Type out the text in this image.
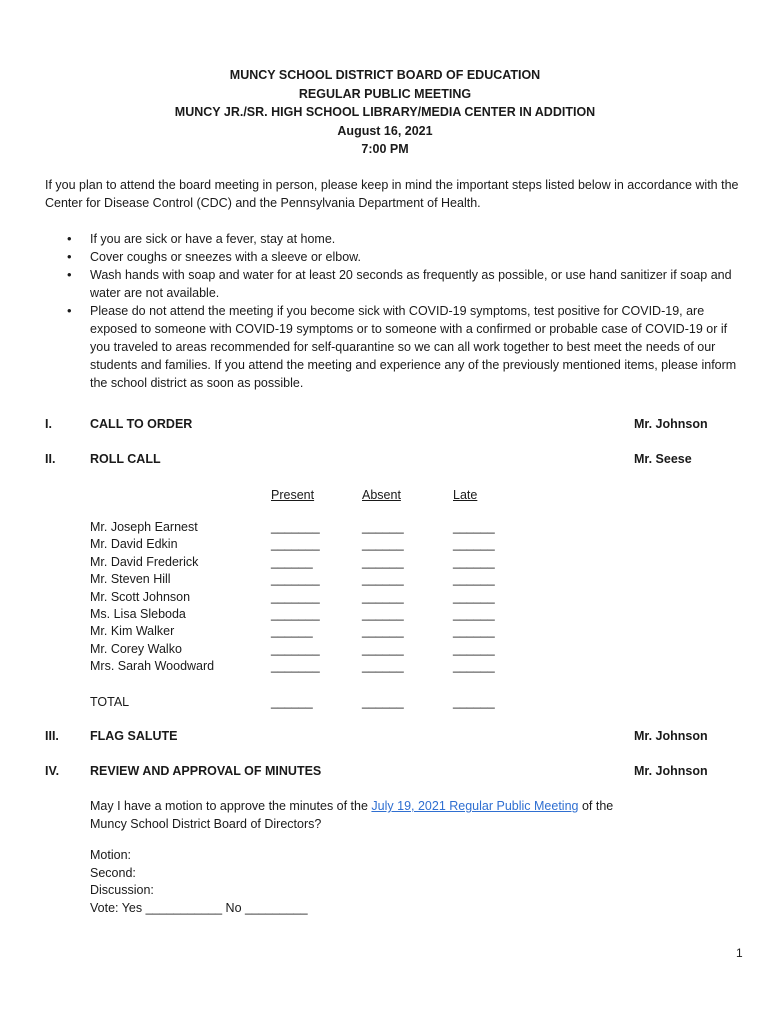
MUNCY SCHOOL DISTRICT BOARD OF EDUCATION
REGULAR PUBLIC MEETING
MUNCY JR./SR. HIGH SCHOOL LIBRARY/MEDIA CENTER IN ADDITION
August 16, 2021
7:00 PM
If you plan to attend the board meeting in person, please keep in mind the important steps listed below in accordance with the Center for Disease Control (CDC) and the Pennsylvania Department of Health.
• If you are sick or have a fever, stay at home.
• Cover coughs or sneezes with a sleeve or elbow.
• Wash hands with soap and water for at least 20 seconds as frequently as possible, or use hand sanitizer if soap and water are not available.
• Please do not attend the meeting if you become sick with COVID-19 symptoms, test positive for COVID-19, are exposed to someone with COVID-19 symptoms or to someone with a confirmed or probable case of COVID-19 or if you traveled to areas recommended for self-quarantine so we can all work together to best meet the needs of our students and families. If you attend the meeting and experience any of the previously mentioned items, please inform the school district as soon as possible.
I.	CALL TO ORDER	Mr. Johnson
II.	ROLL CALL	Mr. Seese
Present	Absent	Late
Mr. Joseph Earnest	_______	______	______
Mr. David Edkin	_______	______	______
Mr. David Frederick	______	______	______
Mr. Steven Hill	_______	______	______
Mr. Scott Johnson	_______	______	______
Ms. Lisa Sleboda	_______	______	______
Mr. Kim Walker	______	______	______
Mr. Corey Walko	_______	______	______
Mrs. Sarah Woodward	_______	______	______
TOTAL	______	______	______
III. FLAG SALUTE	Mr. Johnson
IV. REVIEW AND APPROVAL OF MINUTES	Mr. Johnson
May I have a motion to approve the minutes of the July 19, 2021 Regular Public Meeting of the Muncy School District Board of Directors?
Motion:
Second:
Discussion:
Vote: Yes ___________ No _________
1
